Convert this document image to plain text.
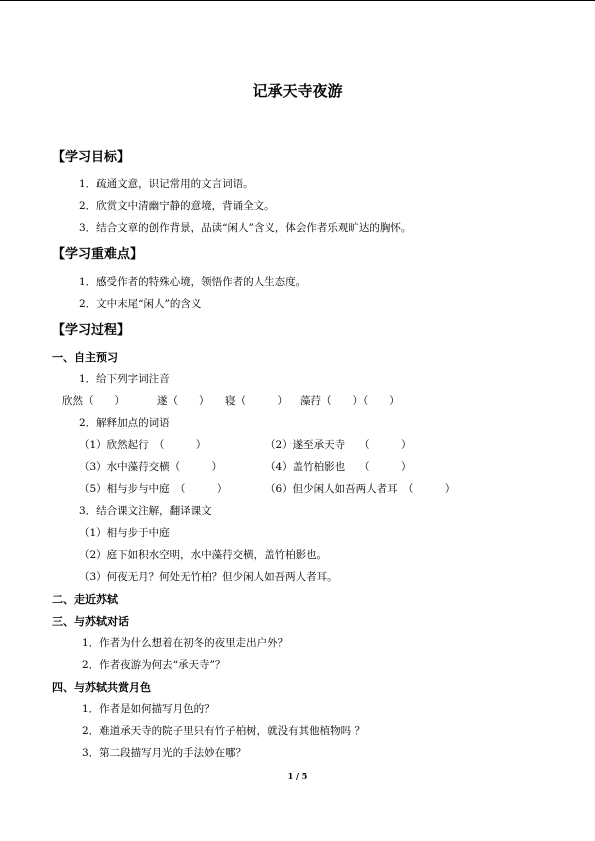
记承天寺夜游
【学习目标】
1．疏通文意，识记常用的文言词语。
2．欣赏文中清幽宁静的意境，背诵全文。
3．结合文章的创作背景，品读“闲人”含义，体会作者乐观旷达的胸怀。
【学习重难点】
1．感受作者的特殊心境，领悟作者的人生态度。
2．文中末尾“闲人”的含义
【学习过程】
一、自主预习
1．给下列字词注音
欣然（　　）	遂（　　） 寝（　　　） 藻荇（　　）（　　）
2．解释加点的词语
（1）欣然起行　（　　　）	（2）遂至承天寺　 （　　　）
（3）水中藻荇交横（　　　）	（4）盖竹柏影也　 （　　　）
（5）相与步与中庭　（　　　）	（6）但少闲人如吾两人者耳　（　　　）
3．结合课文注解，翻译课文
（1）相与步于中庭
（2）庭下如积水空明，水中藻荇交横，盖竹柏影也。
（3）何夜无月？何处无竹柏？但少闲人如吾两人者耳。
二、走近苏轼
三、与苏轼对话
1．作者为什么想着在初冬的夜里走出户外？
2．作者夜游为何去“承天寺”？
四、与苏轼共赏月色
1．作者是如何描写月色的？
2．难道承天寺的院子里只有竹子柏树，就没有其他植物吗 ？
3．第二段描写月光的手法妙在哪？
1 / 5
